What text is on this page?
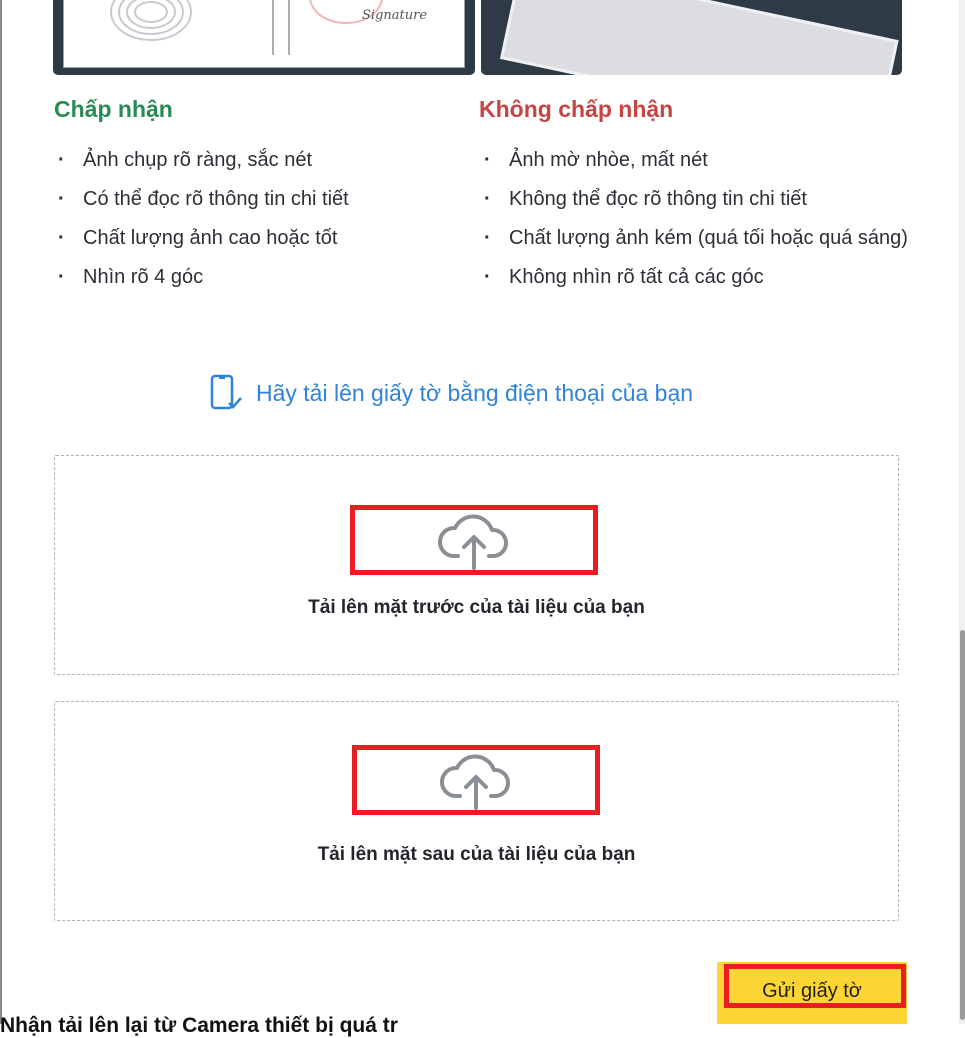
Signature
Chấp nhận
· Ảnh chụp rõ ràng, sắc nét
· Có thể đọc rõ thông tin chi tiết
· Chất lượng ảnh cao hoặc tốt
· Nhìn rõ 4 góc
Không chấp nhận
· Ảnh mờ nhòe, mất nét
· Không thể đọc rõ thông tin chi tiết
· Chất lượng ảnh kém (quá tối hoặc quá sáng)
· Không nhìn rõ tất cả các góc
Hãy tải lên giấy tờ bằng điện thoại của bạn
Tải lên mặt trước của tài liệu của bạn
Tải lên mặt sau của tài liệu của bạn
Gửi giấy tờ
Nhận tải lên lại từ Camera thiết bị quá tr
